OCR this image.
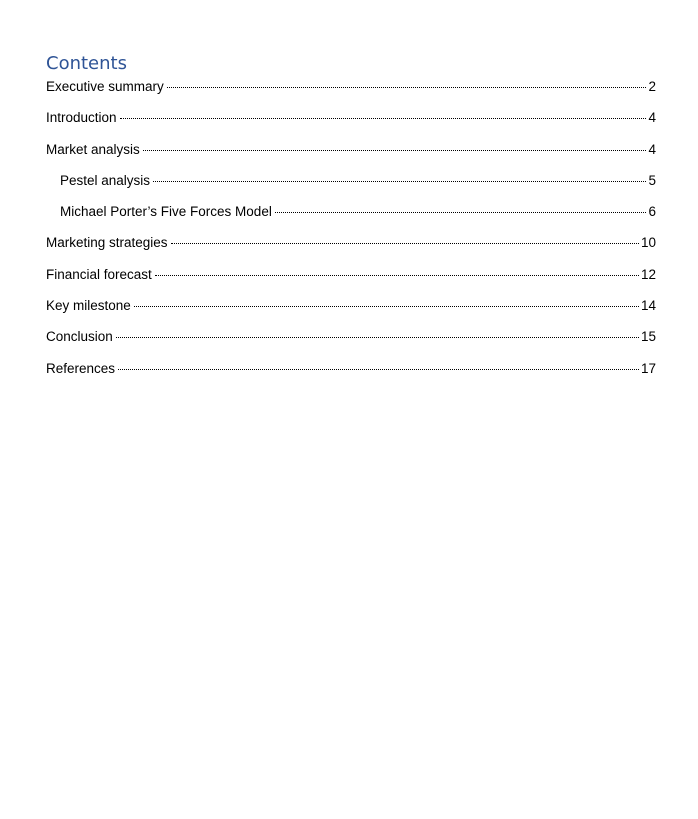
Contents
Executive summary	2
Introduction	4
Market analysis	4
Pestel analysis	5
Michael Porter’s Five Forces Model	6
Marketing strategies	10
Financial forecast	12
Key milestone	14
Conclusion	15
References	17
